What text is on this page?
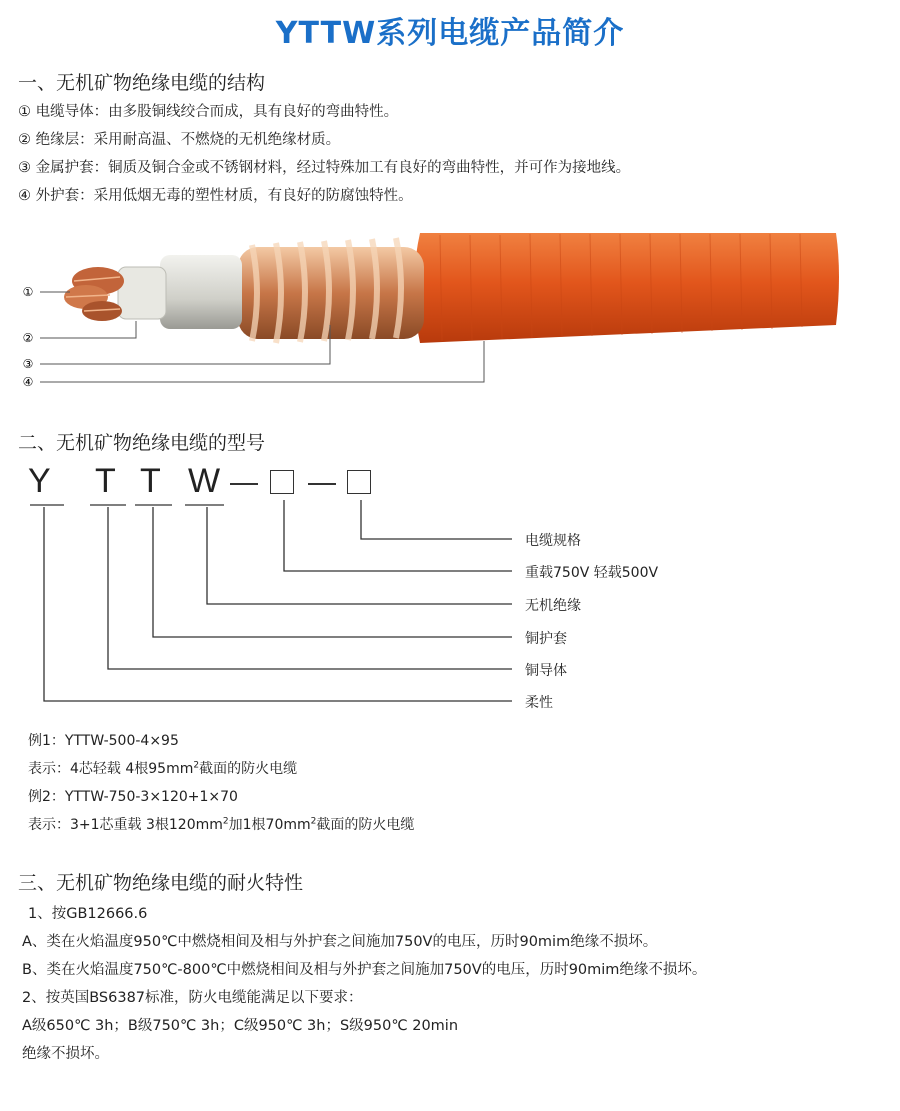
YTTW系列电缆产品简介
一、无机矿物绝缘电缆的结构
① 电缆导体：由多股铜线绞合而成，具有良好的弯曲特性。
② 绝缘层：采用耐高温、不燃烧的无机绝缘材质。
③ 金属护套：铜质及铜合金或不锈钢材料，经过特殊加工有良好的弯曲特性，并可作为接地线。
④ 外护套：采用低烟无毒的塑性材质，有良好的防腐蚀特性。
①
②
③
④
二、无机矿物绝缘电缆的型号
Y T T W
电缆规格
重载750V 轻载500V
无机绝缘
铜护套
铜导体
柔性
例1：YTTW-500-4×95
表示：4芯轻载 4根$95mm^2$截面的防火电缆
例2：YTTW-750-3×120+1×70
表示：3+1芯重载 3根$120mm^2$加1根$70mm^2$截面的防火电缆
三、无机矿物绝缘电缆的耐火特性
1、按GB12666.6
A、类在火焰温度950℃中燃烧相间及相与外护套之间施加750V的电压，历时90mim绝缘不损坏。
B、类在火焰温度750℃-800℃中燃烧相间及相与外护套之间施加750V的电压，历时90mim绝缘不损坏。
2、按英国BS6387标准，防火电缆能满足以下要求：
A级650℃ 3h；B级750℃ 3h；C级950℃ 3h；S级950℃ 20min
绝缘不损坏。
